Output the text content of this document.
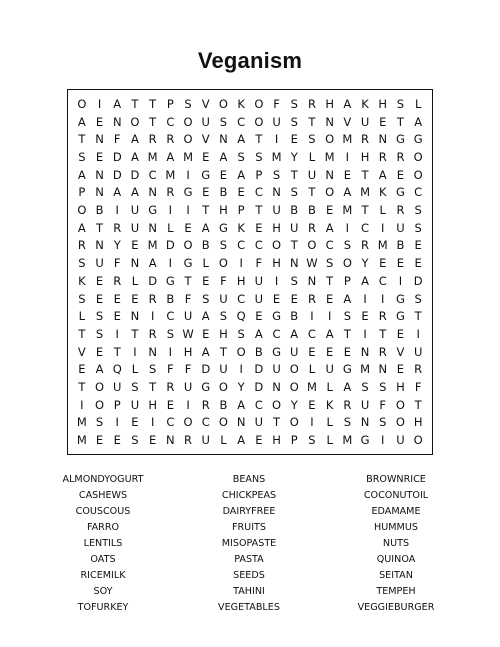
Veganism
O I	A T T P S V O K O F S R H A K H S L
A E N O T C O U S C O U S T N V U E T A
T N F A R R O V N A T	I	E S O M R N G G
S E D A M A M E A S S M Y L M I	H R R O
A N D D C M I	G E A P S T U N E T A E O
P N A A N R G E B E C N S T O A M K G C
O B	I	U G	I	I	T H P T U B B E M T L R S
A T R U N L E A G K E H U R A	I	C	I	U S
R N Y E M D O B S C C O T O C S R M B E
S U F N A	I	G L O I	F H N W S O Y E E E
K E R L D G T E F H U	I	S N T P A C	I	D
S E E E R B F S U C U E E R E A	I	I	G S
L S E N	I	C U A S Q E G B	I	I	S E R G T
T S	I	T R S W E H S A C A C A T	I	T E	I
V E T	I	N	I	H A T O B G U E E E N R V U
E A Q L S F F D U	I	D U O L U G M N E R
T O U S T R U G O Y D N O M L A S S H F
I O P U H E	I	R B A C O Y E K R U F O T
M S	I	E	I	C O C O N U T O I	L S N S O H
M E E S E N R U L A E H P S L M G	I	U O
ALMONDYOGURT	BEANS	BROWNRICE
CASHEWS	CHICKPEAS	COCONUTOIL
COUSCOUS	DAIRYFREE	EDAMAME
FARRO	FRUITS	HUMMUS
LENTILS	MISOPASTE	NUTS
OATS	PASTA	QUINOA
RICEMILK	SEEDS	SEITAN
SOY	TAHINI	TEMPEH
TOFURKEY	VEGETABLES	VEGGIEBURGER
